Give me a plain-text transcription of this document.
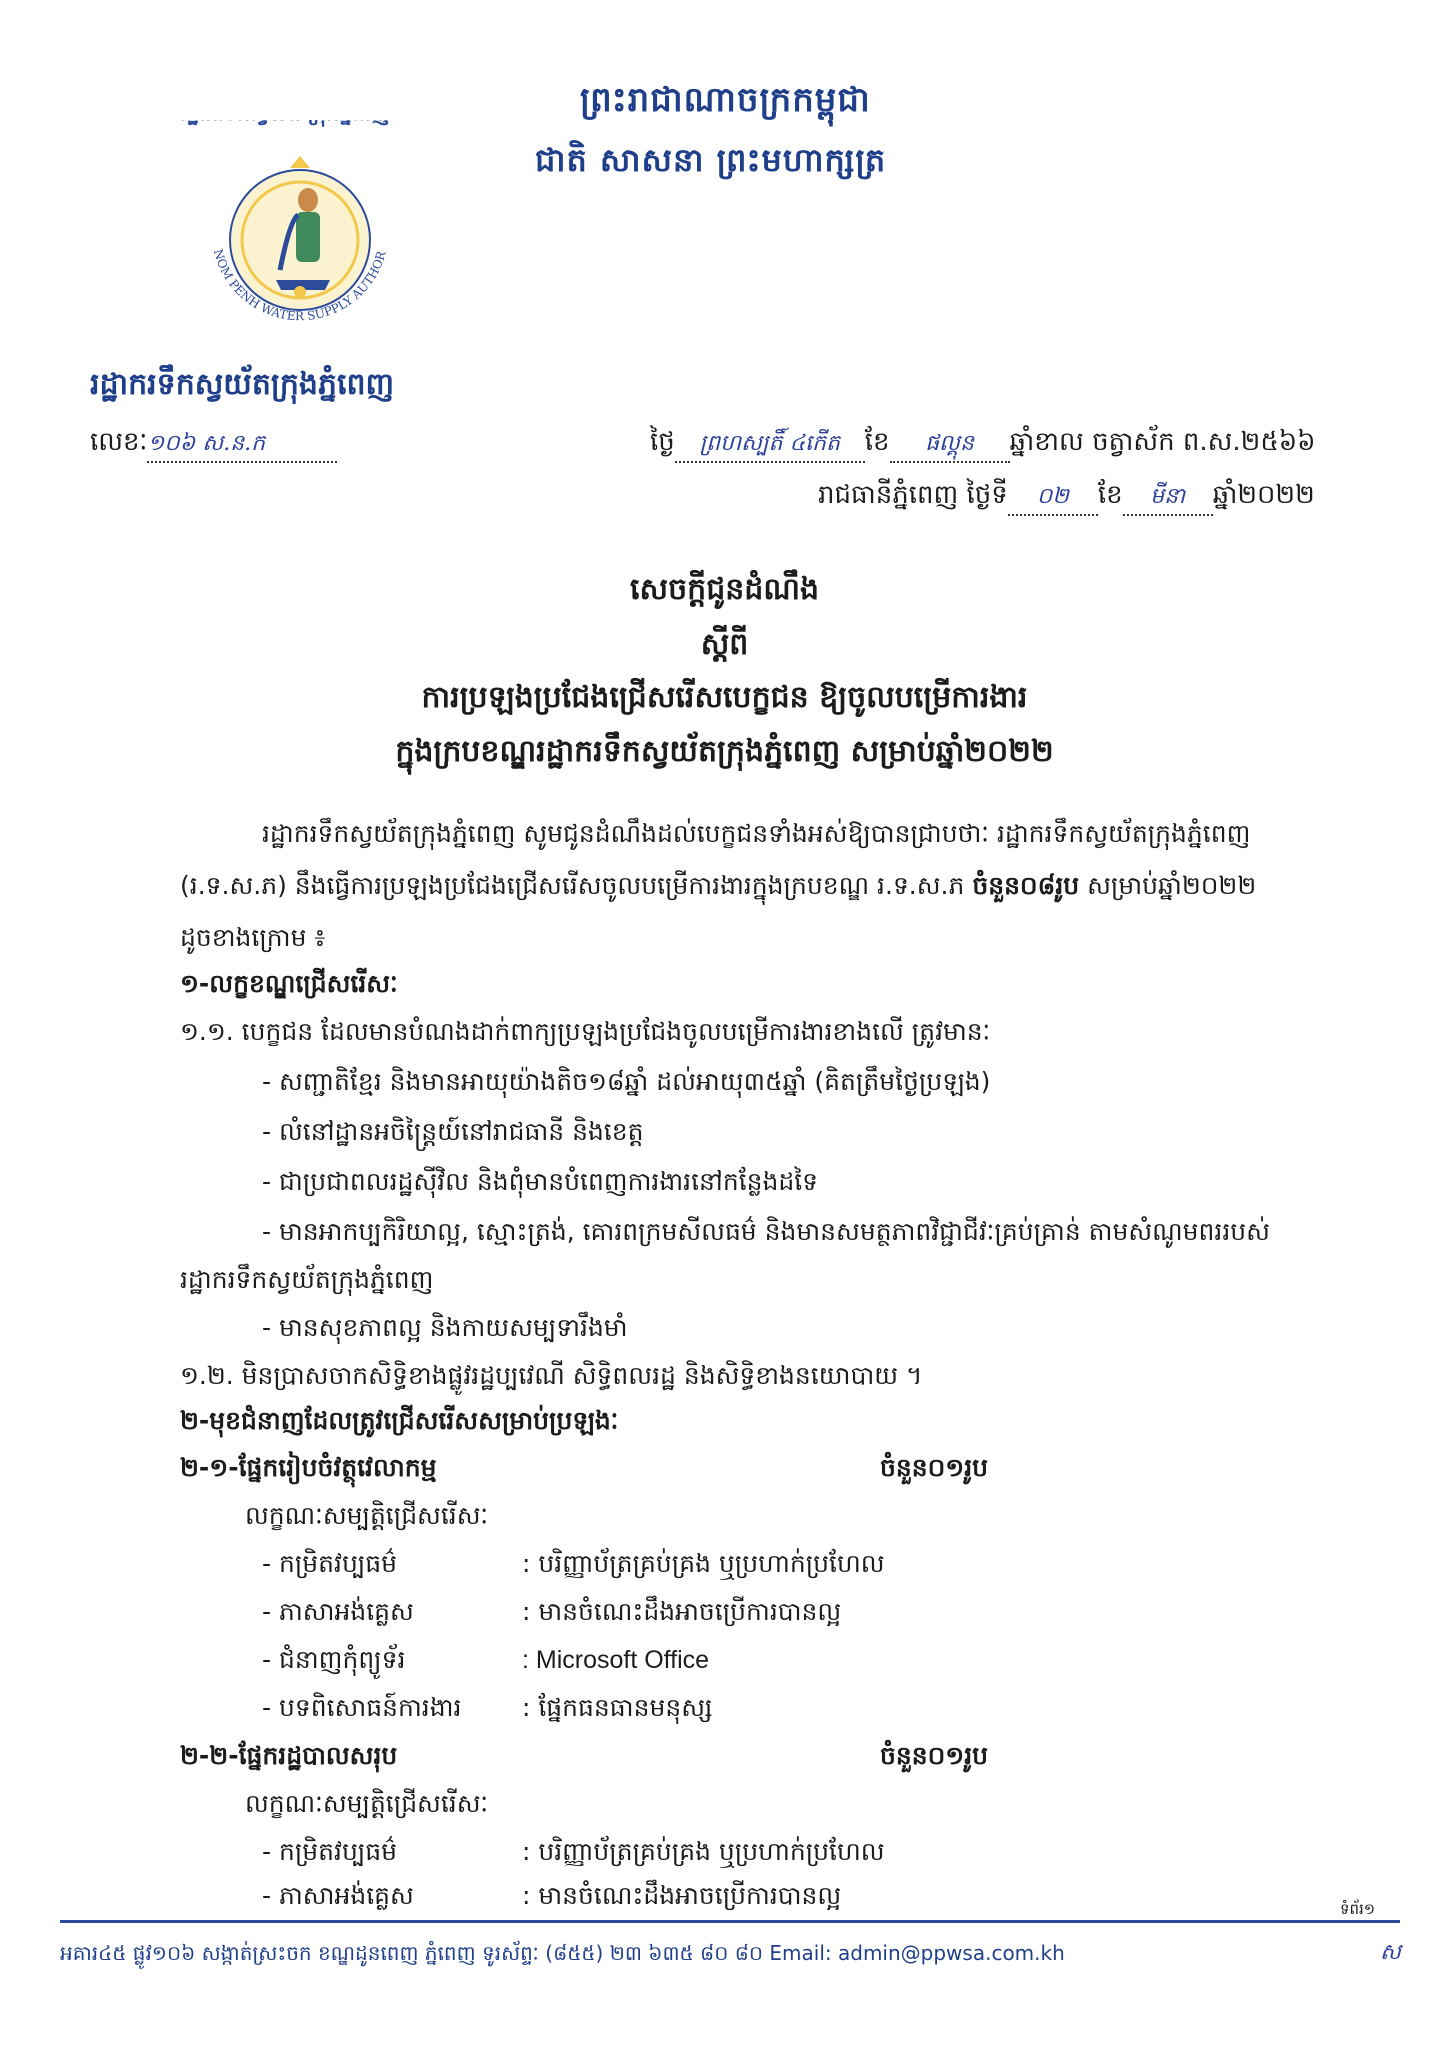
ព្រះរាជាណាចក្រកម្ពុជា
ជាតិ សាសនា ព្រះមហាក្សត្រ
NOM PENH WATER SUPPLY AUTHOR
រដ្ឋាករទឹកស្វយ័តក្រុងភ្នំពេញ
លេខៈ១០៦ ស.ន.ក	ថ្ងៃ ព្រហស្បតិ៍ ៤កើត ខែ ផល្គុន ឆ្នាំខាល ចត្វាស័ក ព.ស.២៥៦៦
រាជធានីភ្នំពេញ ថ្ងៃទី ០២ ខែ មីនា ឆ្នាំ២០២២
សេចក្តីជូនដំណឹង
ស្តីពី
ការប្រឡងប្រជែងជ្រើសរើសបេក្ខជន ឱ្យចូលបម្រើការងារ
ក្នុងក្របខណ្ឌរដ្ឋាករទឹកស្វយ័តក្រុងភ្នំពេញ សម្រាប់ឆ្នាំ២០២២
រដ្ឋាករទឹកស្វយ័តក្រុងភ្នំពេញ សូមជូនដំណឹងដល់បេក្ខជនទាំងអស់ឱ្យបានជ្រាបថាៈ រដ្ឋាករទឹកស្វយ័តក្រុងភ្នំពេញ
(រ.ទ.ស.ភ) នឹងធ្វើការប្រឡងប្រជែងជ្រើសរើសចូលបម្រើការងារក្នុងក្របខណ្ឌ រ.ទ.ស.ភ ចំនួន០៨រូប សម្រាប់ឆ្នាំ២០២២
ដូចខាងក្រោម ៖
១-លក្ខខណ្ឌជ្រើសរើសៈ
១.១. បេក្ខជន ដែលមានបំណងដាក់ពាក្យប្រឡងប្រជែងចូលបម្រើការងារខាងលើ ត្រូវមានៈ
- សញ្ជាតិខ្មែរ និងមានអាយុយ៉ាងតិច១៨ឆ្នាំ ដល់អាយុ៣៥ឆ្នាំ (គិតត្រឹមថ្ងៃប្រឡង)
- លំនៅដ្ឋានអចិន្ត្រៃយ៍នៅរាជធានី និងខេត្ត
- ជាប្រជាពលរដ្ឋស៊ីវិល និងពុំមានបំពេញការងារនៅកន្លែងដទៃ
- មានអាកប្បកិរិយាល្អ, ស្មោះត្រង់, គោរពក្រមសីលធម៌ និងមានសមត្ថភាពវិជ្ជាជីវៈគ្រប់គ្រាន់ តាមសំណូមពររបស់
រដ្ឋាករទឹកស្វយ័តក្រុងភ្នំពេញ
- មានសុខភាពល្អ និងកាយសម្បទារឹងមាំ
១.២. មិនប្រាសចាកសិទ្ធិខាងផ្លូវរដ្ឋប្បវេណី សិទ្ធិពលរដ្ឋ និងសិទ្ធិខាងនយោបាយ ។
២-មុខជំនាញដែលត្រូវជ្រើសរើសសម្រាប់ប្រឡងៈ
២-១-ផ្នែករៀបចំវត្ថុវេលាកម្ម	ចំនួន០១រូប
លក្ខណៈសម្បត្តិជ្រើសរើសៈ
- កម្រិតវប្បធម៌	: បរិញ្ញាប័ត្រគ្រប់គ្រង ឬប្រហាក់ប្រហែល
- ភាសាអង់គ្លេស	: មានចំណេះដឹងអាចប្រើការបានល្អ
- ជំនាញកុំព្យូទ័រ	: Microsoft Office
- បទពិសោធន៍ការងារ : ផ្នែកធនធានមនុស្ស
២-២-ផ្នែករដ្ឋបាលសរុប	ចំនួន០១រូប
លក្ខណៈសម្បត្តិជ្រើសរើសៈ
- កម្រិតវប្បធម៌	: បរិញ្ញាប័ត្រគ្រប់គ្រង ឬប្រហាក់ប្រហែល
- ភាសាអង់គ្លេស	: មានចំណេះដឹងអាចប្រើការបានល្អ	ទំព័រ១
អគារ៤៥ ផ្លូវ១០៦ សង្កាត់ស្រះចក ខណ្ឌដូនពេញ ភ្នំពេញ ទូរស័ព្ទៈ (៨៥៥) ២៣ ៦៣៥ ៨០ ៨០ Email: admin@ppwsa.com.kh	ស
